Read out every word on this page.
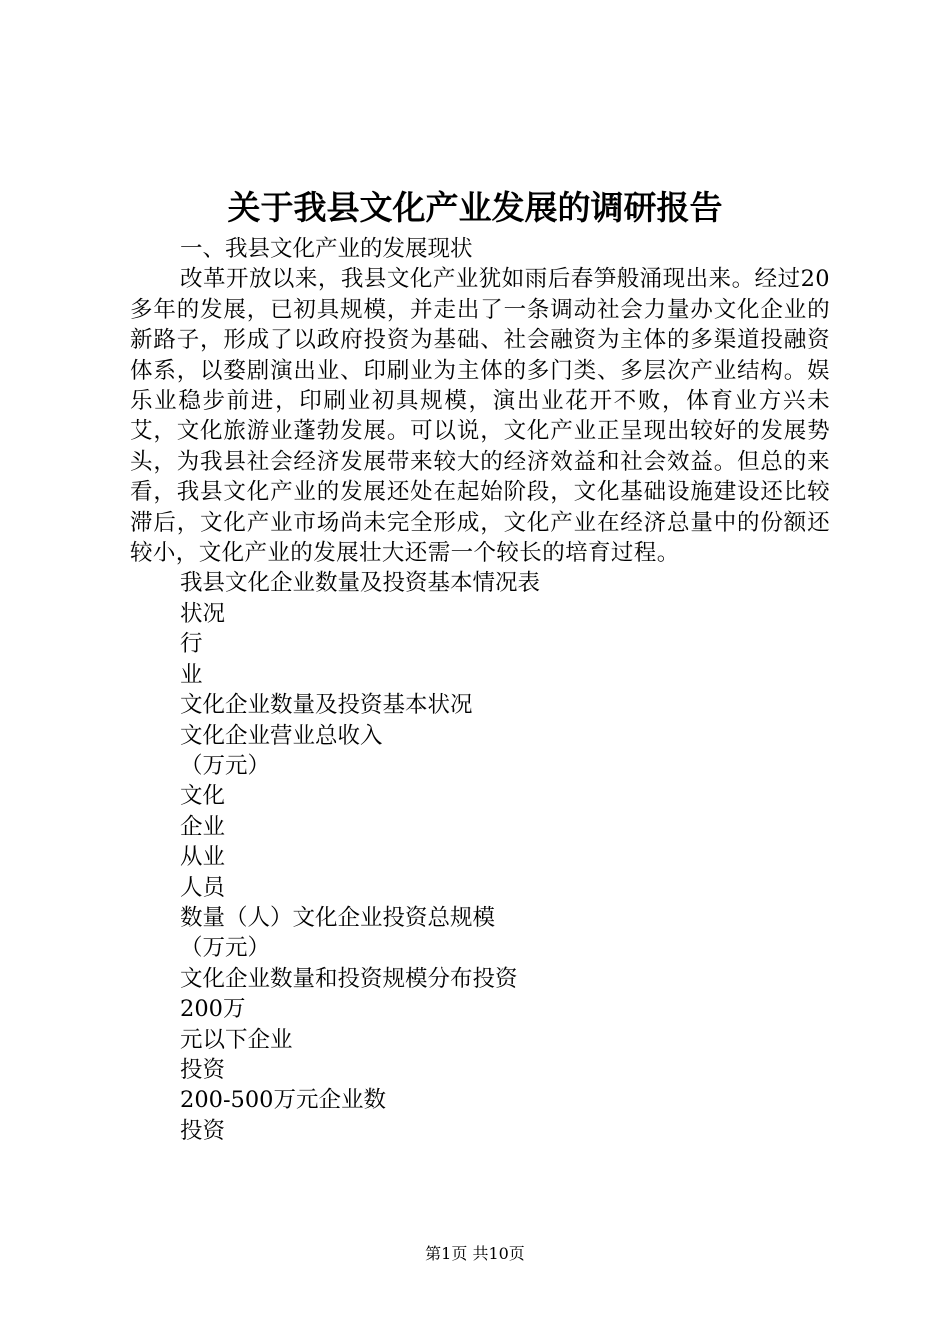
关于我县文化产业发展的调研报告
一、我县文化产业的发展现状
改革开放以来，我县文化产业犹如雨后春笋般涌现出来。经过20多年的发展，已初具规模，并走出了一条调动社会力量办文化企业的新路子，形成了以政府投资为基础、社会融资为主体的多渠道投融资体系，以婺剧演出业、印刷业为主体的多门类、多层次产业结构。娱乐业稳步前进，印刷业初具规模，演出业花开不败，体育业方兴未艾，文化旅游业蓬勃发展。可以说，文化产业正呈现出较好的发展势头，为我县社会经济发展带来较大的经济效益和社会效益。但总的来看，我县文化产业的发展还处在起始阶段，文化基础设施建设还比较滞后，文化产业市场尚未完全形成，文化产业在经济总量中的份额还较小，文化产业的发展壮大还需一个较长的培育过程。
我县文化企业数量及投资基本情况表
状况
行
业
文化企业数量及投资基本状况
文化企业营业总收入
（万元）
文化
企业
从业
人员
数量（人）文化企业投资总规模
（万元）
文化企业数量和投资规模分布投资
200万
元以下企业
投资
200-500万元企业数
投资
第1页 共10页
